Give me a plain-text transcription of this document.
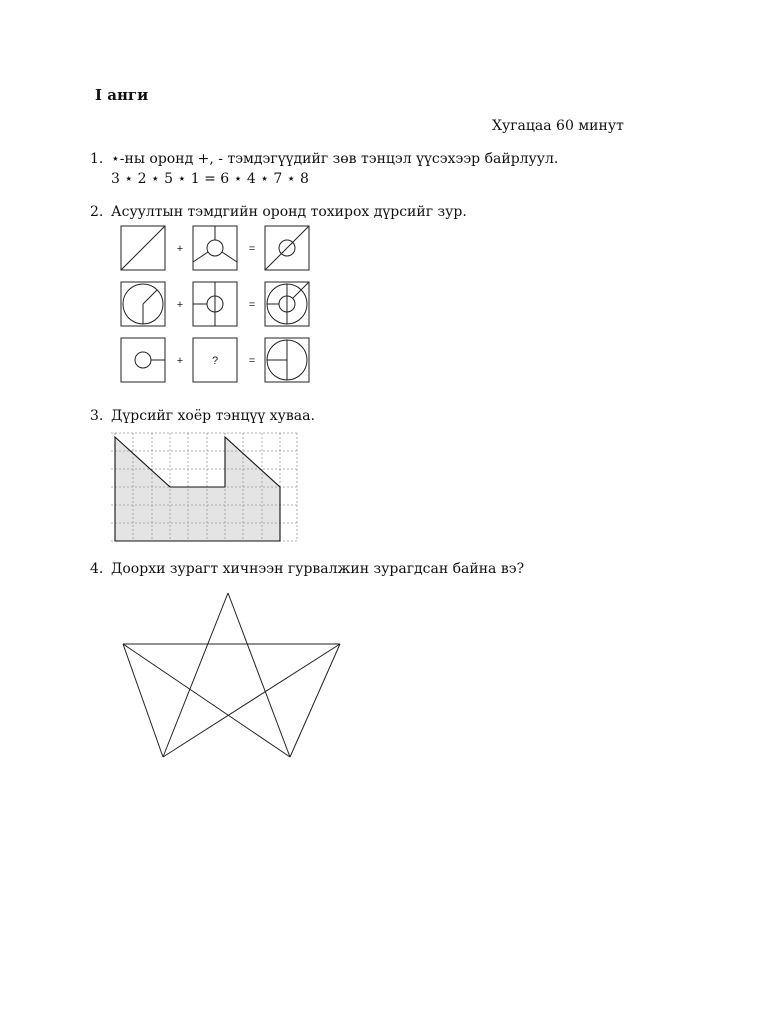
I анги
Хугацаа 60 минут
1. ⋆-ны оронд +, - тэмдэгүүдийг зөв тэнцэл үүсэхээр байрлуул.
3 ⋆ 2 ⋆ 5 ⋆ 1 = 6 ⋆ 4 ⋆ 7 ⋆ 8
2. Асуултын тэмдгийн оронд тохирох дүрсийг зур.
3. Дүрсийг хоёр тэнцүү хуваа.
4. Доорхи зурагт хичнээн гурвалжин зурагдсан байна вэ?
+	=
+	=
+	=
?
